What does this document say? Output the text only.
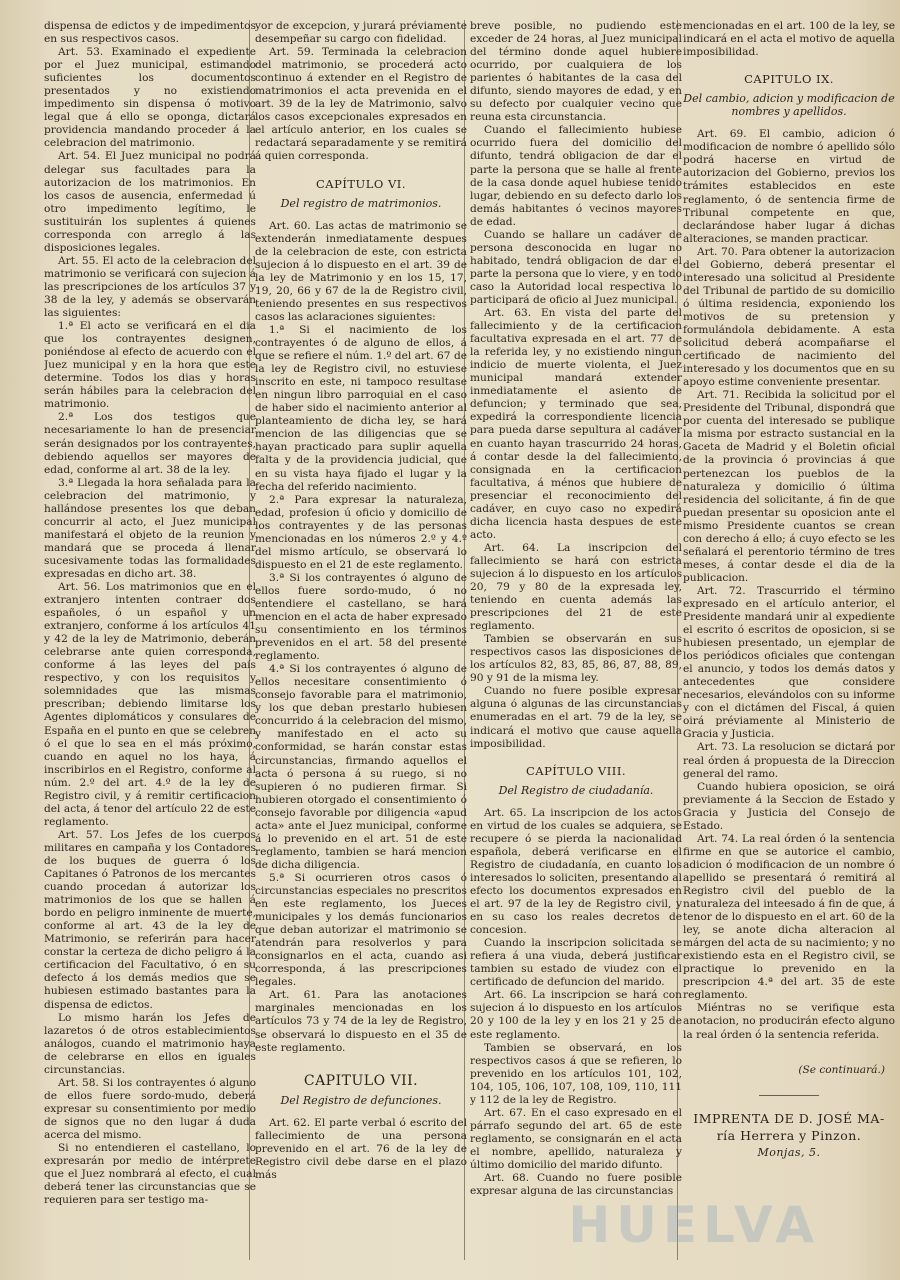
dispensa de edictos y de impedimentos en sus respectivos casos.

Art. 53. Examinado el expediente por el Juez municipal, estimando suficientes los documentos presentados y no existiendo impedimento sin dispensa ó motivo legal que á ello se oponga, dictará providencia mandando proceder á la celebracion del matrimonio.

Art. 54. El Juez municipal no podrá delegar sus facultades para la autorizacion de los matrimonios. En los casos de ausencia, enfermedad ú otro impedimento legítimo, le sustituirán los suplentes á quienes corresponda con arreglo á las disposiciones legales.

Art. 55. El acto de la celebracion del matrimonio se verificará con sujecion á las prescripciones de los artículos 37 y 38 de la ley, y además se observarán las siguientes:

1.ª El acto se verificará en el dia que los contrayentes designen, poniéndose al efecto de acuerdo con el Juez municipal y en la hora que este determine. Todos los dias y horas serán hábiles para la celebracion del matrimonio.

2.ª Los dos testigos que necesariamente lo han de presenciar serán designados por los contrayentes, debiendo aquellos ser mayores de edad, conforme al art. 38 de la ley.

3.ª Llegada la hora señalada para la celebracion del matrimonio, y hallándose presentes los que deban concurrir al acto, el Juez municipal manifestará el objeto de la reunion y mandará que se proceda á llenar sucesivamente todas las formalidades expresadas en dicho art. 38.

Art. 56. Los matrimonios que en el extranjero intenten contraer dos españoles, ó un español y un extranjero, conforme á los artículos 41 y 42 de la ley de Matrimonio, deberán celebrarse ante quien corresponda, conforme á las leyes del país respectivo, y con los requisitos y solemnidades que las mismas prescriban; debiendo limitarse los Agentes diplomáticos y consulares de España en el punto en que se celebren ó el que lo sea en el más próximo, cuando en aquel no los haya, á inscribirlos en el Registro, conforme al núm. 2.º del art. 4.º de la ley de Registro civil, y á remitir certificacion del acta, á tenor del artículo 22 de este reglamento.

Art. 57. Los Jefes de los cuerpos militares en campaña y los Contadores de los buques de guerra ó los Capitanes ó Patronos de los mercantes cuando procedan á autorizar los matrimonios de los que se hallen á bordo en peligro inminente de muerte, conforme al art. 43 de la ley de Matrimonio, se referirán para hacer constar la certeza de dicho peligro á la certificacion del Facultativo, ó en su defecto á los demás medios que se hubiesen estimado bastantes para la dispensa de edictos.

Lo mismo harán los Jefes de lazaretos ó de otros establecimientos análogos, cuando el matrimonio haya de celebrarse en ellos en iguales circunstancias.

Art. 58. Si los contrayentes ó alguno de ellos fuere sordo-mudo, deberá expresar su consentimiento por medio de signos que no den lugar á duda acerca del mismo.

Si no entendieren el castellano, lo expresarán por medio de intérprete que el Juez nombrará al efecto, el cual deberá tener las circunstancias que se requieren para ser testigo ma-

yor de excepcion, y jurará préviamente desempeñar su cargo con fidelidad.

Art. 59. Terminada la celebracion del matrimonio, se procederá acto continuo á extender en el Registro de matrimonios el acta prevenida en el art. 39 de la ley de Matrimonio, salvo los casos excepcionales expresados en el artículo anterior, en los cuales se redactará separadamente y se remitirá á quien corresponda.

CAPÍTULO VI.
Del registro de matrimonios.

Art. 60. Las actas de matrimonio se extenderán inmediatamente despues de la celebracion de este, con estricta sujecion á lo dispuesto en el art. 39 de la ley de Matrimonio y en los 15, 17, 19, 20, 66 y 67 de la de Registro civil, teniendo presentes en sus respectivos casos las aclaraciones siguientes:

1.ª Si el nacimiento de los contrayentes ó de alguno de ellos, á que se refiere el núm. 1.º del art. 67 de la ley de Registro civil, no estuviese inscrito en este, ni tampoco resultase en ningun libro parroquial en el caso de haber sido el nacimiento anterior al planteamiento de dicha ley, se hará mencion de las diligencias que se hayan practicado para suplir aquella falta y de la providencia judicial, que en su vista haya fijado el lugar y la fecha del referido nacimiento.

2.ª Para expresar la naturaleza, edad, profesion ú oficio y domicilio de los contrayentes y de las personas mencionadas en los números 2.º y 4.º del mismo artículo, se observará lo dispuesto en el 21 de este reglamento.

3.ª Si los contrayentes ó alguno de ellos fuere sordo-mudo, ó no entendiere el castellano, se hará mencion en el acta de haber expresado su consentimiento en los términos prevenidos en el art. 58 del presente reglamento.

4.ª Si los contrayentes ó alguno de ellos necesitare consentimiento ó consejo favorable para el matrimonio, y los que deban prestarlo hubiesen concurrido á la celebracion del mismo, y manifestado en el acto su conformidad, se harán constar estas circunstancias, firmando aquellos el acta ó persona á su ruego, si no supieren ó no pudieren firmar. Si hubieren otorgado el consentimiento ó consejo favorable por diligencia «apud acta» ante el Juez municipal, conforme á lo prevenido en el art. 51 de este reglamento, tambien se hará mencion de dicha diligencia.

5.ª Si ocurrieren otros casos ó circunstancias especiales no prescritos en este reglamento, los Jueces municipales y los demás funcionarios que deban autorizar el matrimonio se atendrán para resolverlos y para consignarlos en el acta, cuando asi corresponda, á las prescripciones legales.

Art. 61. Para las anotaciones marginales mencionadas en los artículos 73 y 74 de la ley de Registro, se observará lo dispuesto en el 35 de este reglamento.

CAPITULO VII.
Del Registro de defunciones.

Art. 62. El parte verbal ó escrito del fallecimiento de una persona prevenido en el art. 76 de la ley de Registro civil debe darse en el plazo más

breve posible, no pudiendo este exceder de 24 horas, al Juez municipal del término donde aquel hubiere ocurrido, por cualquiera de los parientes ó habitantes de la casa del difunto, siendo mayores de edad, y en su defecto por cualquier vecino que reuna esta circunstancia.

Cuando el fallecimiento hubiese ocurrido fuera del domicilio del difunto, tendrá obligacion de dar el parte la persona que se halle al frente de la casa donde aquel hubiese tenido lugar, debiendo en su defecto darlo los demás habitantes ó vecinos mayores de edad.

Cuando se hallare un cadáver de persona desconocida en lugar no habitado, tendrá obligacion de dar el parte la persona que lo viere, y en todo caso la Autoridad local respectiva lo participará de oficio al Juez municipal.

Art. 63. En vista del parte del fallecimiento y de la certificacion facultativa expresada en el art. 77 de la referida ley, y no existiendo ningun indicio de muerte violenta, el Juez municipal mandará extender inmediatamente el asiento de defuncion; y terminado que sea, expedirá la correspondiente licencia para pueda darse sepultura al cadáver en cuanto hayan trascurrido 24 horas, á contar desde la del fallecimiento, consignada en la certificacion facultativa, á ménos que hubiere de presenciar el reconocimiento del cadáver, en cuyo caso no expedirá dicha licencia hasta despues de este acto.

Art. 64. La inscripcion del fallecimiento se hará con estricta sujecion á lo dispuesto en los artículos 20, 79 y 80 de la expresada ley, teniendo en cuenta además las prescripciones del 21 de este reglamento.

Tambien se observarán en sus respectivos casos las disposiciones de los artículos 82, 83, 85, 86, 87, 88, 89, 90 y 91 de la misma ley.

Cuando no fuere posible expresar alguna ó algunas de las circunstancias enumeradas en el art. 79 de la ley, se indicará el motivo que cause aquella imposibilidad.

CAPÍTULO VIII.
Del Registro de ciudadanía.

Art. 65. La inscripcion de los actos en virtud de los cuales se adquiera, se recupere ó se pierda la nacionalidad española, deberá verificarse en el Registro de ciudadanía, en cuanto los interesados lo soliciten, presentando al efecto los documentos expresados en el art. 97 de la ley de Registro civil, y en su caso los reales decretos de concesion.

Cuando la inscripcion solicitada se refiera á una viuda, deberá justificar tambien su estado de viudez con el certificado de defuncion del marido.

Art. 66. La inscripcion se hará con sujecion á lo dispuesto en los artículos 20 y 100 de la ley y en los 21 y 25 de este reglamento.

Tambien se observará, en los respectivos casos á que se refieren, lo prevenido en los artículos 101, 102, 104, 105, 106, 107, 108, 109, 110, 111 y 112 de la ley de Registro.

Art. 67. En el caso expresado en el párrafo segundo del art. 65 de este reglamento, se consignarán en el acta el nombre, apellido, naturaleza y último domicilio del marido difunto.

Art. 68. Cuando no fuere posible expresar alguna de las circunstancias

mencionadas en el art. 100 de la ley, se indicará en el acta el motivo de aquella imposibilidad.

CAPITULO IX.
Del cambio, adicion y modificacion de nombres y apellidos.

Art. 69. El cambio, adicion ó modificacion de nombre ó apellido sólo podrá hacerse en virtud de autorizacion del Gobierno, previos los trámites establecidos en este reglamento, ó de sentencia firme de Tribunal competente en que, declarándose haber lugar á dichas alteraciones, se manden practicar.

Art. 70. Para obtener la autorizacion del Gobierno, deberá presentar el interesado una solicitud al Presidente del Tribunal de partido de su domicilio ó última residencia, exponiendo los motivos de su pretension y formulándola debidamente. A esta solicitud deberá acompañarse el certificado de nacimiento del interesado y los documentos que en su apoyo estime conveniente presentar.

Art. 71. Recibida la solicitud por el Presidente del Tribunal, dispondrá que por cuenta del interesado se publique la misma por estracto sustancial en la Gaceta de Madrid y el Boletin oficial de la provincia ó provincias á que pertenezcan los pueblos de la naturaleza y domicilio ó última residencia del solicitante, á fin de que puedan presentar su oposicion ante el mismo Presidente cuantos se crean con derecho á ello; á cuyo efecto se les señalará el perentorio término de tres meses, á contar desde el dia de la publicacion.

Art. 72. Trascurrido el término expresado en el artículo anterior, el Presidente mandará unir al expediente el escrito ó escritos de oposicion, si se hubiesen presentado, un ejemplar de los periódicos oficiales que contengan el anuncio, y todos los demás datos y antecedentes que considere necesarios, elevándolos con su informe y con el dictámen del Fiscal, á quien oirá préviamente al Ministerio de Gracia y Justicia.

Art. 73. La resolucion se dictará por real órden á propuesta de la Direccion general del ramo.

Cuando hubiera oposicion, se oirá previamente á la Seccion de Estado y Gracia y Justicia del Consejo de Estado.

Art. 74. La real órden ó la sentencia firme en que se autorice el cambio, adicion ó modificacion de un nombre ó apellido se presentará ó remitirá al Registro civil del pueblo de la naturaleza del inteesado á fin de que, á tenor de lo dispuesto en el art. 60 de la ley, se anote dicha alteracion al márgen del acta de su nacimiento; y no existiendo esta en el Registro civil, se practique lo prevenido en la prescripcion 4.ª del art. 35 de este reglamento.

Miéntras no se verifique esta anotacion, no producirán efecto alguno la real órden ó la sentencia referida.

(Se continuará.)
IMPRENTA DE D. JOSÉ MA-
ría Herrera y Pinzon.
Monjas, 5.
HUELVA
